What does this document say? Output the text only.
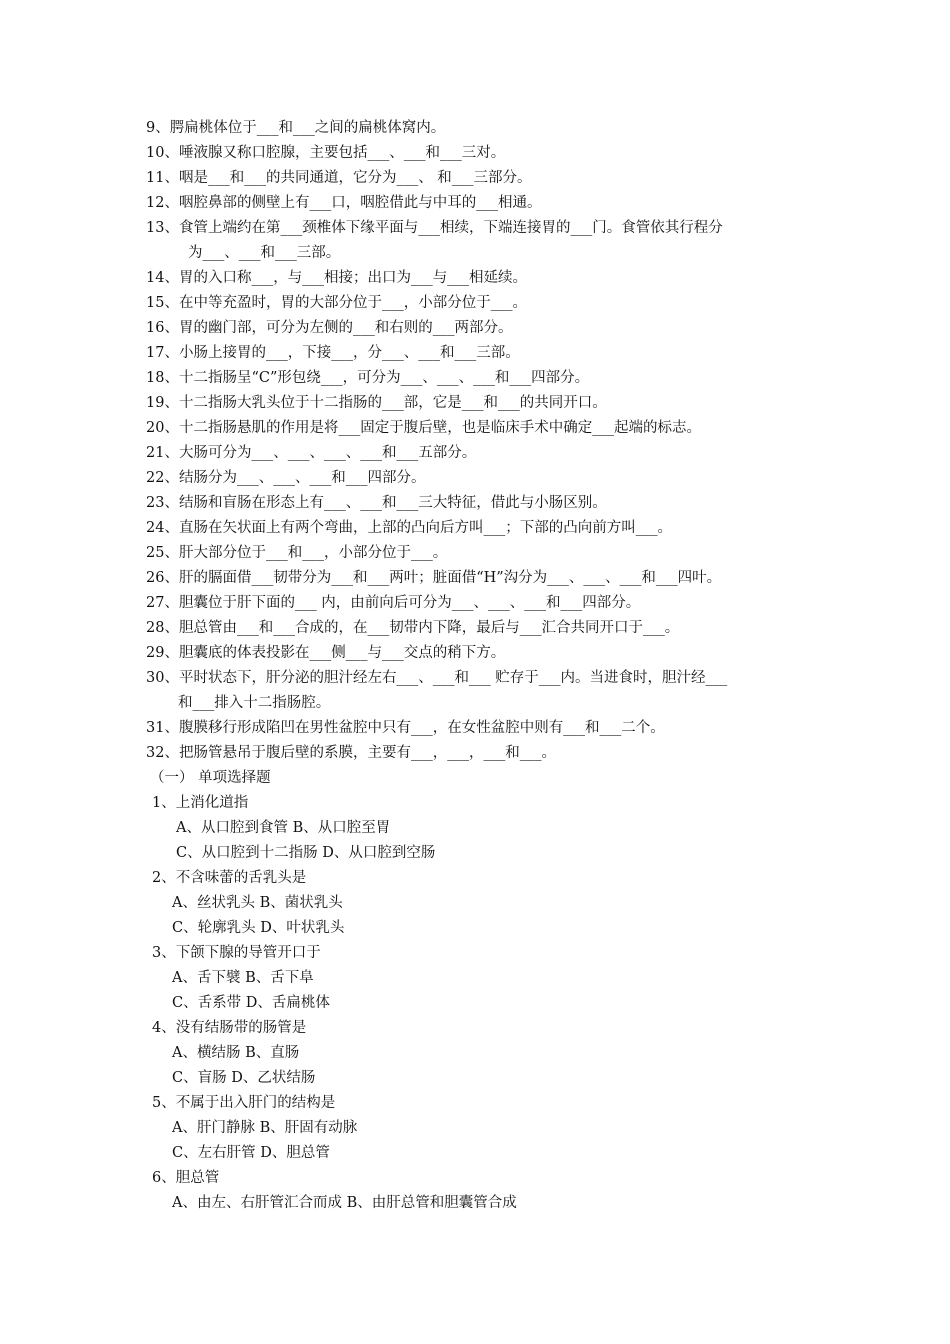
9、腭扁桃体位于___和___之间的扁桃体窝内。
10、唾液腺又称口腔腺，主要包括___、___和___三对。
11、咽是___和___的共同通道，它分为___、 和___三部分。
12、咽腔鼻部的侧壁上有___口，咽腔借此与中耳的___相通。
13、食管上端约在第___颈椎体下缘平面与___相续，下端连接胃的___门。食管依其行程分
为___、___和___三部。
14、胃的入口称___，与___相接；出口为___与___相延续。
15、在中等充盈时，胃的大部分位于___，小部分位于___。
16、胃的幽门部，可分为左侧的___和右则的___两部分。
17、小肠上接胃的___，下接___，分___、___和___三部。
18、十二指肠呈“C”形包绕___，可分为___、___、___和___四部分。
19、十二指肠大乳头位于十二指肠的___部，它是___和___的共同开口。
20、十二指肠悬肌的作用是将___固定于腹后壁，也是临床手术中确定___起端的标志。
21、大肠可分为___、___、___、___和___五部分。
22、结肠分为___、___、___和___四部分。
23、结肠和盲肠在形态上有___、___和___三大特征，借此与小肠区别。
24、直肠在矢状面上有两个弯曲，上部的凸向后方叫___；下部的凸向前方叫___。
25、肝大部分位于___和___，小部分位于___。
26、肝的膈面借___韧带分为___和___两叶；脏面借“H”沟分为___、___、___和___四叶。
27、胆囊位于肝下面的___ 内，由前向后可分为___、___、___和___四部分。
28、胆总管由___和___合成的，在___韧带内下降，最后与___汇合共同开口于___。
29、胆囊底的体表投影在___侧___与___交点的稍下方。
30、平时状态下，肝分泌的胆汁经左右___、___和___ 贮存于___内。当进食时，胆汁经___
和___排入十二指肠腔。
31、腹膜移行形成陷凹在男性盆腔中只有___，在女性盆腔中则有___和___二个。
32、把肠管悬吊于腹后壁的系膜，主要有___，___，___和___。
（一） 单项选择题
1、上消化道指
A、从口腔到食管 B、从口腔至胃
C、从口腔到十二指肠 D、从口腔到空肠
2、不含味蕾的舌乳头是
A、丝状乳头 B、菌状乳头
C、轮廓乳头 D、叶状乳头
3、下颌下腺的导管开口于
A、舌下襞 B、舌下阜
C、舌系带 D、舌扁桃体
4、没有结肠带的肠管是
A、横结肠 B、直肠
C、盲肠 D、乙状结肠
5、不属于出入肝门的结构是
A、肝门静脉 B、肝固有动脉
C、左右肝管 D、胆总管
6、胆总管
A、由左、右肝管汇合而成 B、由肝总管和胆囊管合成
